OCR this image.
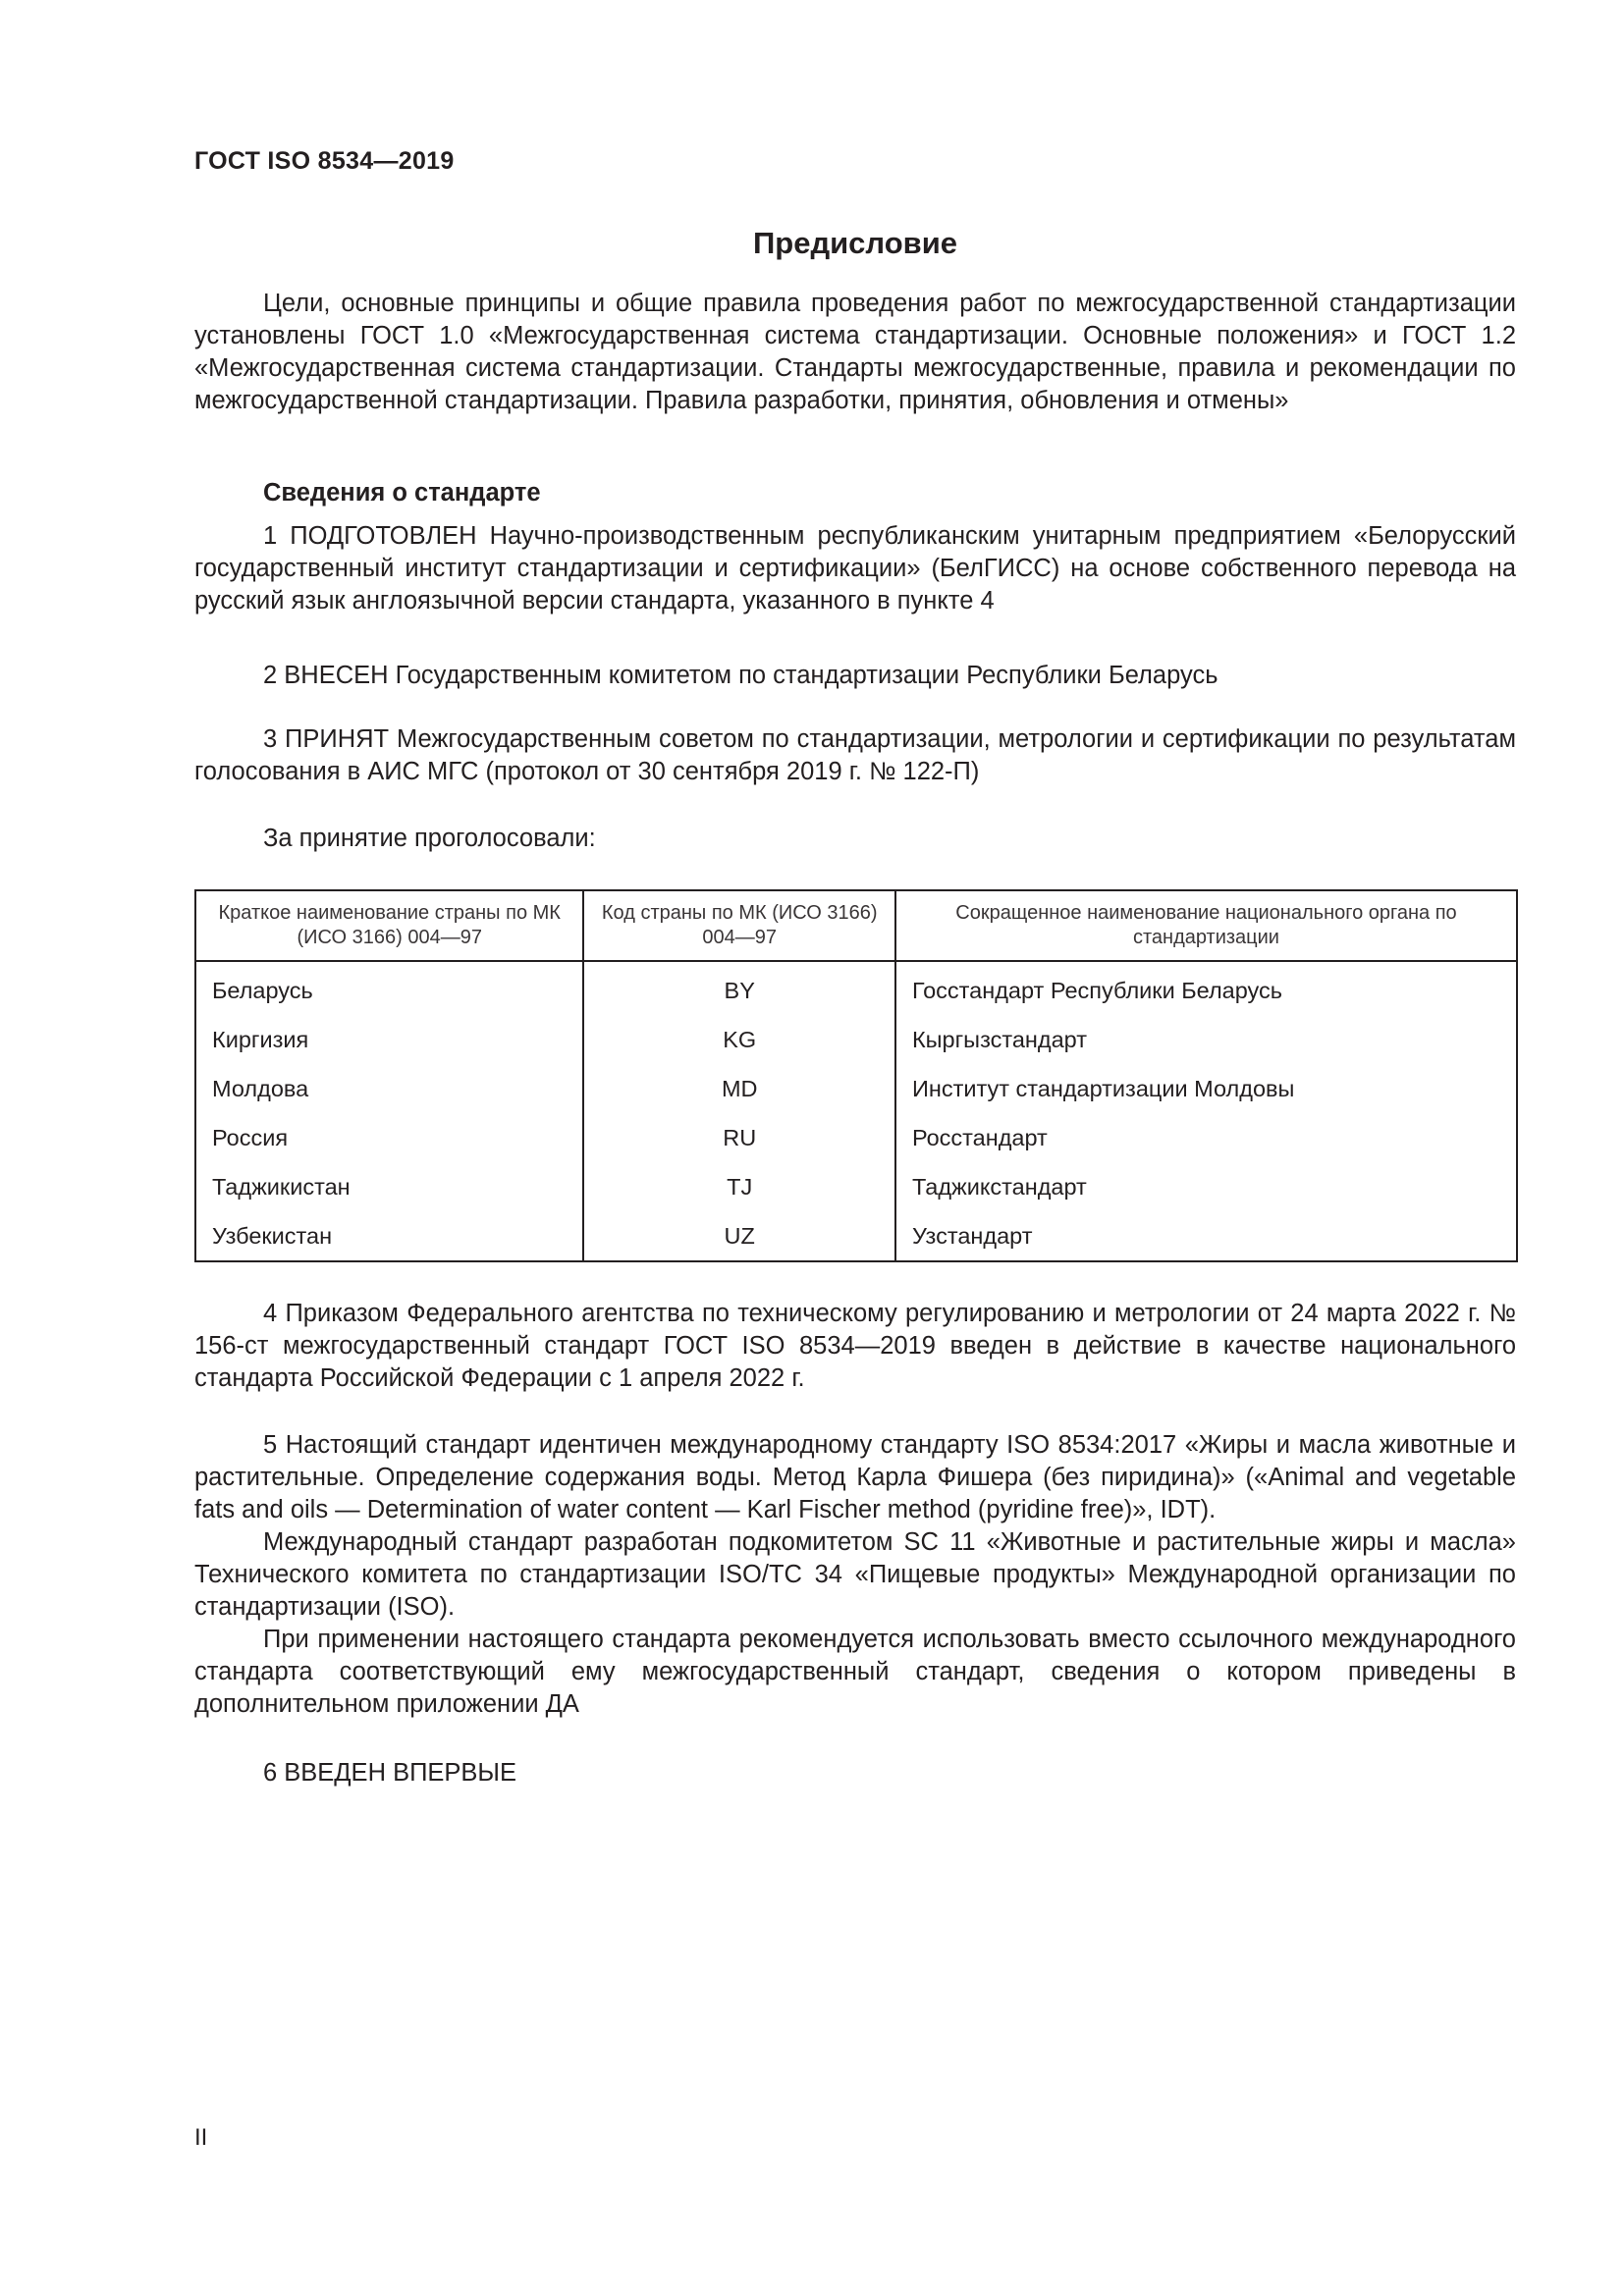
ГОСТ ISO 8534—2019
Предисловие

Цели, основные принципы и общие правила проведения работ по межгосударственной стандартизации установлены ГОСТ 1.0 «Межгосударственная система стандартизации. Основные положения» и ГОСТ 1.2 «Межгосударственная система стандартизации. Стандарты межгосударственные, правила и рекомендации по межгосударственной стандартизации. Правила разработки, принятия, обновления и отмены»

Сведения о стандарте

1 ПОДГОТОВЛЕН Научно-производственным республиканским унитарным предприятием «Белорусский государственный институт стандартизации и сертификации» (БелГИСС) на основе собственного перевода на русский язык англоязычной версии стандарта, указанного в пункте 4

2 ВНЕСЕН Государственным комитетом по стандартизации Республики Беларусь

3 ПРИНЯТ Межгосударственным советом по стандартизации, метрологии и сертификации по результатам голосования в АИС МГС (протокол от 30 сентября 2019 г. № 122-П)

За принятие проголосовали:

Краткое наименование страны по МК (ИСО 3166) 004—97	Код страны по МК (ИСО 3166) 004—97	Сокращенное наименование национального органа по стандартизации
Беларусь	BY	Госстандарт Республики Беларусь
Киргизия	KG	Кыргызстандарт
Молдова	MD	Институт стандартизации Молдовы
Россия	RU	Росстандарт
Таджикистан	TJ	Таджикстандарт
Узбекистан	UZ	Узстандарт

4 Приказом Федерального агентства по техническому регулированию и метрологии от 24 марта 2022 г. № 156-ст межгосударственный стандарт ГОСТ ISO 8534—2019 введен в действие в качестве национального стандарта Российской Федерации с 1 апреля 2022 г.

5 Настоящий стандарт идентичен международному стандарту ISO 8534:2017 «Жиры и масла животные и растительные. Определение содержания воды. Метод Карла Фишера (без пиридина)» («Animal and vegetable fats and oils — Determination of water content — Karl Fischer method (pyridine free)», IDT).

Международный стандарт разработан подкомитетом SC 11 «Животные и растительные жиры и масла» Технического комитета по стандартизации ISO/TC 34 «Пищевые продукты» Международной организации по стандартизации (ISO).

При применении настоящего стандарта рекомендуется использовать вместо ссылочного международного стандарта соответствующий ему межгосударственный стандарт, сведения о котором приведены в дополнительном приложении ДА

6 ВВЕДЕН ВПЕРВЫЕ

II
